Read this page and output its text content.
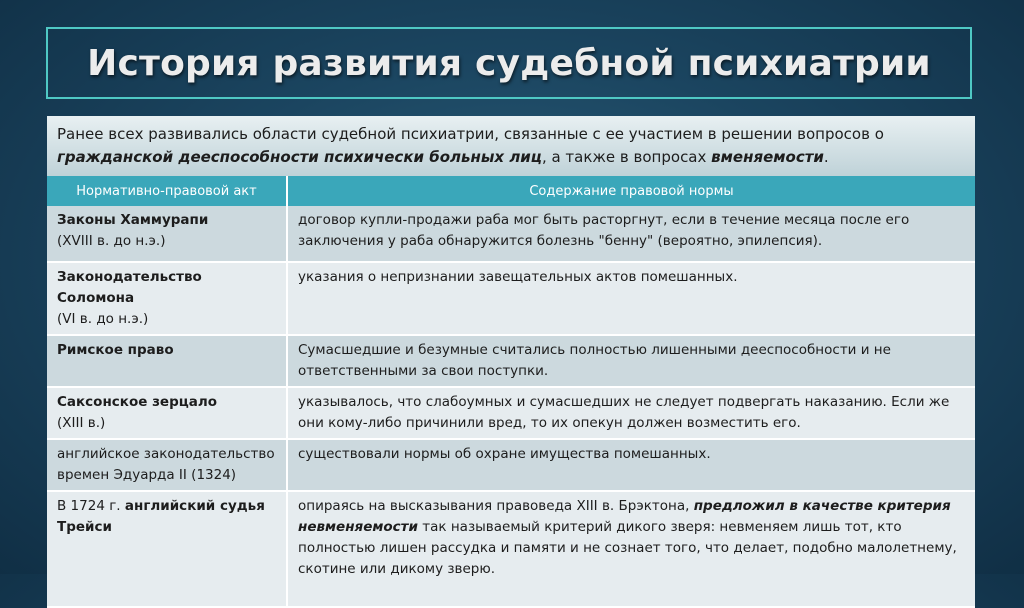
История развития судебной психиатрии
Ранее всех развивались области судебной психиатрии, связанные с ее участием в решении вопросов о гражданской дееспособности психически больных лиц, а также в вопросах вменяемости.
Нормативно-правовой акт	Содержание правовой нормы
Законы Хаммурапи
(XVIII в. до н.э.)	договор купли-продажи раба мог быть расторгнут, если в течение месяца после его заключения у раба обнаружится болезнь "бенну" (вероятно, эпилепсия).
Законодательство Соломона
(VI в. до н.э.)	указания о непризнании завещательных актов помешанных.
Римское право	Сумасшедшие и безумные считались полностью лишенными дееспособности и не ответственными за свои поступки.
Саксонское зерцало
(XIII в.)	указывалось, что слабоумных и сумасшедших не следует подвергать наказанию. Если же они кому-либо причинили вред, то их опекун должен возместить его.
английское законодательство времен Эдуарда II (1324)	существовали нормы об охране имущества помешанных.
В 1724 г. английский судья Трейси	опираясь на высказывания правоведа XIII в. Брэктона, предложил в качестве критерия невменяемости так называемый критерий дикого зверя: невменяем лишь тот, кто полностью лишен рассудка и памяти и не сознает того, что делает, подобно малолетнему, скотине или дикому зверю.
